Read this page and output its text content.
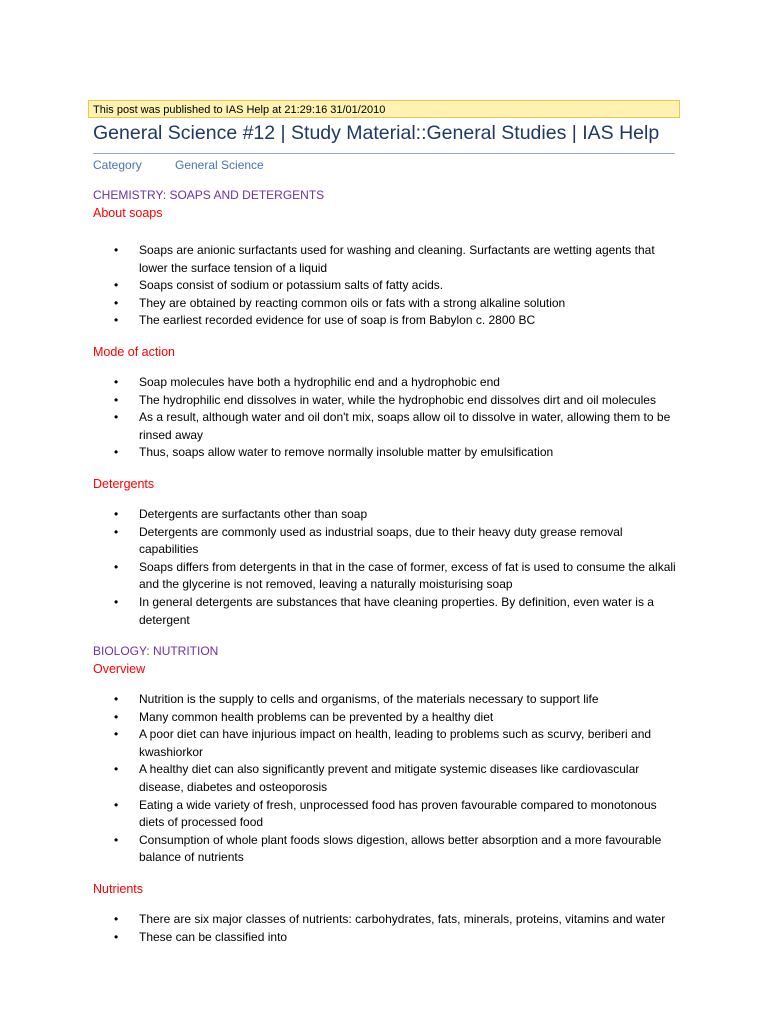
This post was published to IAS Help at 21:29:16 31/01/2010
General Science #12 | Study Material::General Studies | IAS Help
Category	General Science
CHEMISTRY: SOAPS AND DETERGENTS
About soaps
• Soaps are anionic surfactants used for washing and cleaning. Surfactants are wetting agents that lower the surface tension of a liquid
• Soaps consist of sodium or potassium salts of fatty acids.
• They are obtained by reacting common oils or fats with a strong alkaline solution
• The earliest recorded evidence for use of soap is from Babylon c. 2800 BC
Mode of action
• Soap molecules have both a hydrophilic end and a hydrophobic end
• The hydrophilic end dissolves in water, while the hydrophobic end dissolves dirt and oil molecules
• As a result, although water and oil don't mix, soaps allow oil to dissolve in water, allowing them to be rinsed away
• Thus, soaps allow water to remove normally insoluble matter by emulsification
Detergents
• Detergents are surfactants other than soap
• Detergents are commonly used as industrial soaps, due to their heavy duty grease removal capabilities
• Soaps differs from detergents in that in the case of former, excess of fat is used to consume the alkali and the glycerine is not removed, leaving a naturally moisturising soap
• In general detergents are substances that have cleaning properties. By definition, even water is a detergent
BIOLOGY: NUTRITION
Overview
• Nutrition is the supply to cells and organisms, of the materials necessary to support life
• Many common health problems can be prevented by a healthy diet
• A poor diet can have injurious impact on health, leading to problems such as scurvy, beriberi and kwashiorkor
• A healthy diet can also significantly prevent and mitigate systemic diseases like cardiovascular disease, diabetes and osteoporosis
• Eating a wide variety of fresh, unprocessed food has proven favourable compared to monotonous diets of processed food
• Consumption of whole plant foods slows digestion, allows better absorption and a more favourable balance of nutrients
Nutrients
• There are six major classes of nutrients: carbohydrates, fats, minerals, proteins, vitamins and water
• These can be classified into
